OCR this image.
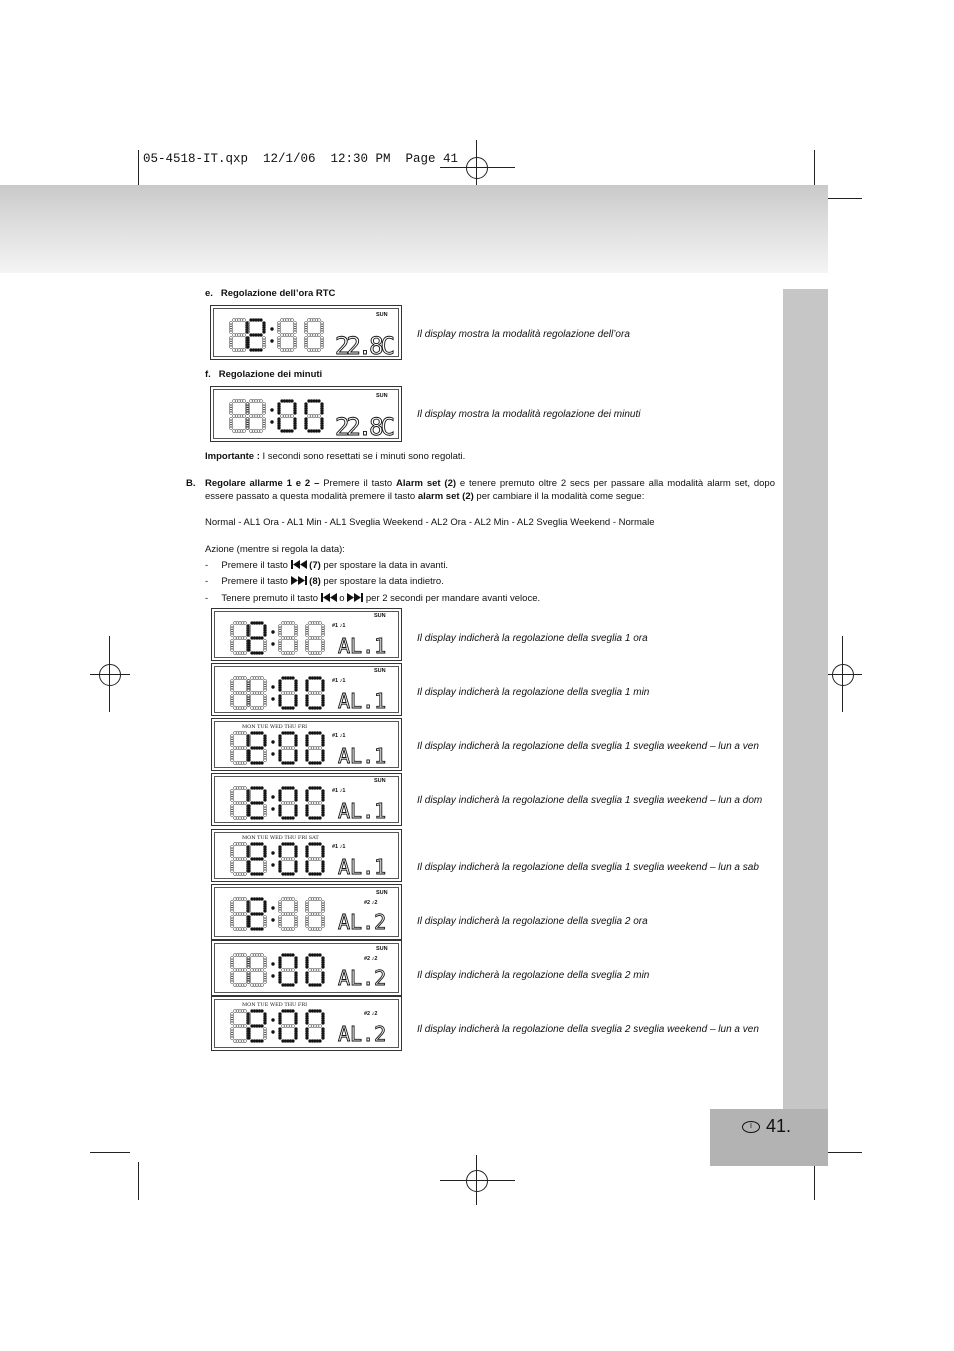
05-4518-IT.qxp  12/1/06  12:30 PM  Page 41
I 41.
e. Regolazione dell’ora RTC
SUN
22.8C Il display mostra la modalità regolazione dell’ora
f. Regolazione dei minuti
SUN
22.8C Il display mostra la modalità regolazione dei minuti
Importante : I secondi sono resettati se i minuti sono regolati.
B. Regolare allarme 1 e 2 – Premere il tasto Alarm set (2) e tenere premuto oltre 2 secs per passare alla modalità alarm set, dopo essere passato a questa modalità premere il tasto alarm set (2) per cambiare il la modalità come segue:
Normal - AL1 Ora - AL1 Min - AL1 Sveglia Weekend - AL2 Ora - AL2 Min - AL2 Sveglia Weekend - Normale
Azione (mentre si regola la data):
- Premere il tasto  (7) per spostare la data in avanti.
- Premere il tasto  (8) per spostare la data indietro.
- Tenere premuto il tasto  o  per 2 secondi per mandare avanti veloce.
SUN
#1 ♪1
AL.1	Il display indicherà la regolazione della sveglia 1 ora
SUN
#1 ♪1
AL.1	Il display indicherà la regolazione della sveglia 1 min
MON TUE WED THU FRI
#1 ♪1
AL.1	Il display indicherà la regolazione della sveglia 1 sveglia weekend – lun a ven
SUN
#1 ♪1
AL.1	Il display indicherà la regolazione della sveglia 1 sveglia weekend – lun a dom
MON TUE WED THU FRI SAT
#1 ♪1
AL.1	Il display indicherà la regolazione della sveglia 1 sveglia weekend – lun a sab
SUN
#2 ♪2
AL.2	Il display indicherà la regolazione della sveglia 2 ora
SUN
#2 ♪2
AL.2	Il display indicherà la regolazione della sveglia 2 min
MON TUE WED THU FRI
#2 ♪2
AL.2	Il display indicherà la regolazione della sveglia 2 sveglia weekend – lun a ven
